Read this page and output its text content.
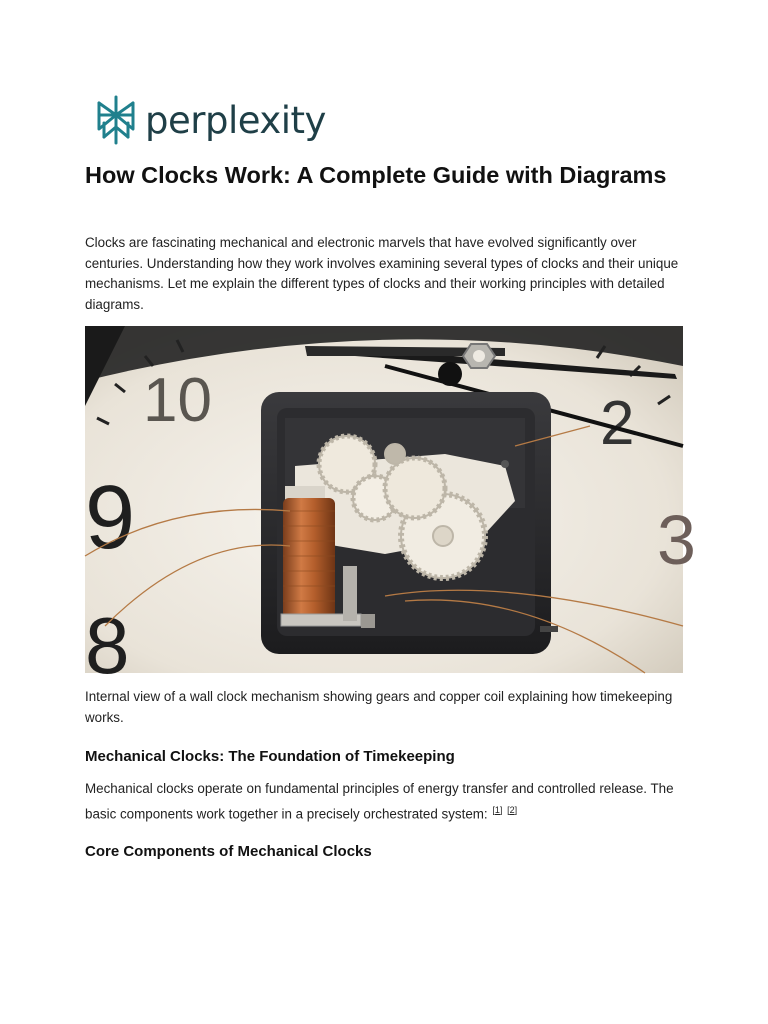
perplexity
How Clocks Work: A Complete Guide with Diagrams

Clocks are fascinating mechanical and electronic marvels that have evolved significantly over centuries. Understanding how they work involves examining several types of clocks and their unique mechanisms. Let me explain the different types of clocks and their working principles with detailed diagrams.

10	2
9
8
3

Internal view of a wall clock mechanism showing gears and copper coil explaining how timekeeping works.

Mechanical Clocks: The Foundation of Timekeeping

Mechanical clocks operate on fundamental principles of energy transfer and controlled release. The basic components work together in a precisely orchestrated system: [1] [2]

Core Components of Mechanical Clocks
